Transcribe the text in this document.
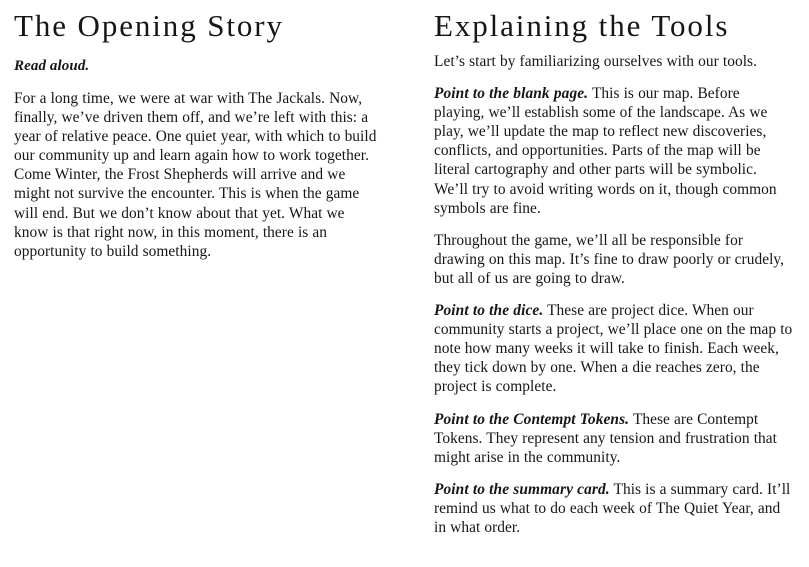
The Opening Story

Read aloud.

For a long time, we were at war with The Jackals. Now, finally, we’ve driven them off, and we’re left with this: a year of relative peace. One quiet year, with which to build our community up and learn again how to work together. Come Winter, the Frost Shepherds will arrive and we might not survive the encounter. This is when the game will end. But we don’t know about that yet. What we know is that right now, in this moment, there is an opportunity to build something.

Explaining the Tools

Let’s start by familiarizing ourselves with our tools.

Point to the blank page. This is our map. Before playing, we’ll establish some of the landscape. As we play, we’ll update the map to reflect new discoveries, conflicts, and opportunities. Parts of the map will be literal cartography and other parts will be symbolic. We’ll try to avoid writing words on it, though common symbols are fine.

Throughout the game, we’ll all be responsible for drawing on this map. It’s fine to draw poorly or crudely, but all of us are going to draw.

Point to the dice. These are project dice. When our community starts a project, we’ll place one on the map to note how many weeks it will take to finish. Each week, they tick down by one. When a die reaches zero, the project is complete.

Point to the Contempt Tokens. These are Contempt Tokens. They represent any tension and frustration that might arise in the community.

Point to the summary card. This is a summary card. It’ll remind us what to do each week of The Quiet Year, and in what order.
